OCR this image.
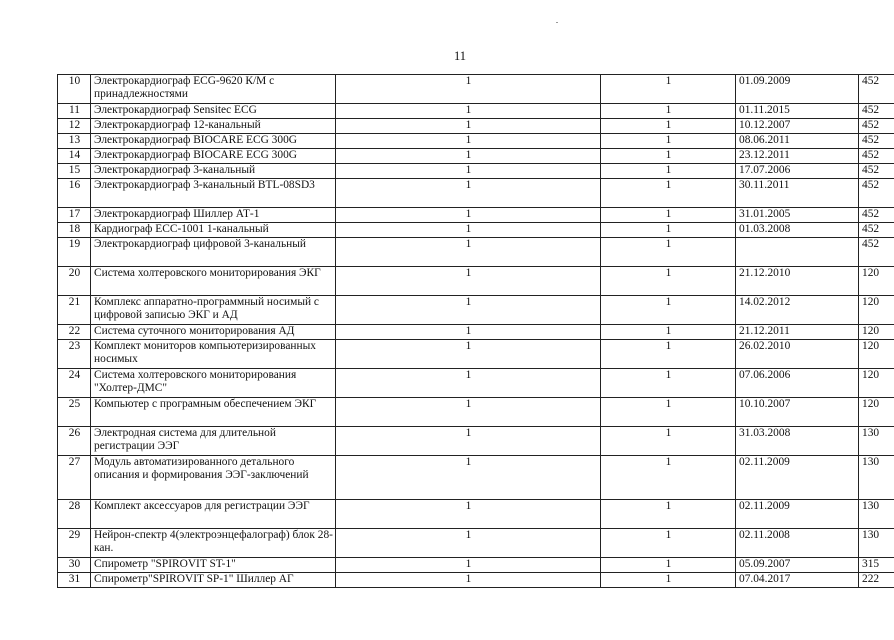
11
10	Электрокардиограф ECG-9620 К/М с принадлежностями	1	1	01.09.2009	452
11	Электрокардиограф Sensitec ECG	1	1	01.11.2015	452
12	Электрокардиограф 12-канальный	1	1	10.12.2007	452
13	Электрокардиограф BIOCARE ECG 300G	1	1	08.06.2011	452
14	Электрокардиограф BIOCARE ECG 300G	1	1	23.12.2011	452
15	Электрокардиограф 3-канальный	1	1	17.07.2006	452
16	Электрокардиограф 3-канальный BTL-08SD3	1	1	30.11.2011	452
17	Электрокардиограф Шиллер АТ-1	1	1	31.01.2005	452
18	Кардиограф ЕСС-1001 1-канальный	1	1	01.03.2008	452
19	Электрокардиограф цифровой 3-канальный	1	1		452
20	Система холтеровского мониторирования ЭКГ	1	1	21.12.2010	120
21	Комплекс аппаратно-программный носимый с цифровой записью ЭКГ и АД	1	1	14.02.2012	120
22	Система суточного мониторирования АД	1	1	21.12.2011	120
23	Комплект мониторов компьютеризированных носимых	1	1	26.02.2010	120
24	Система холтеровского мониторирования "Холтер-ДМС"	1	1	07.06.2006	120
25	Компьютер с програмным обеспечением ЭКГ	1	1	10.10.2007	120
26	Электродная система для длительной регистрации ЭЭГ	1	1	31.03.2008	130
27	Модуль автоматизированного детального описания и формирования ЭЭГ-заключений	1	1	02.11.2009	130
28	Комплект аксессуаров для регистрации ЭЭГ	1	1	02.11.2009	130
29	Нейрон-спектр 4(электроэнцефалограф) блок 28-кан.	1	1	02.11.2008	130
30	Спирометр "SPIROVIT ST-1"	1	1	05.09.2007	315
31	Спирометр"SPIROVIT SP-1" Шиллер АГ	1	1	07.04.2017	222
